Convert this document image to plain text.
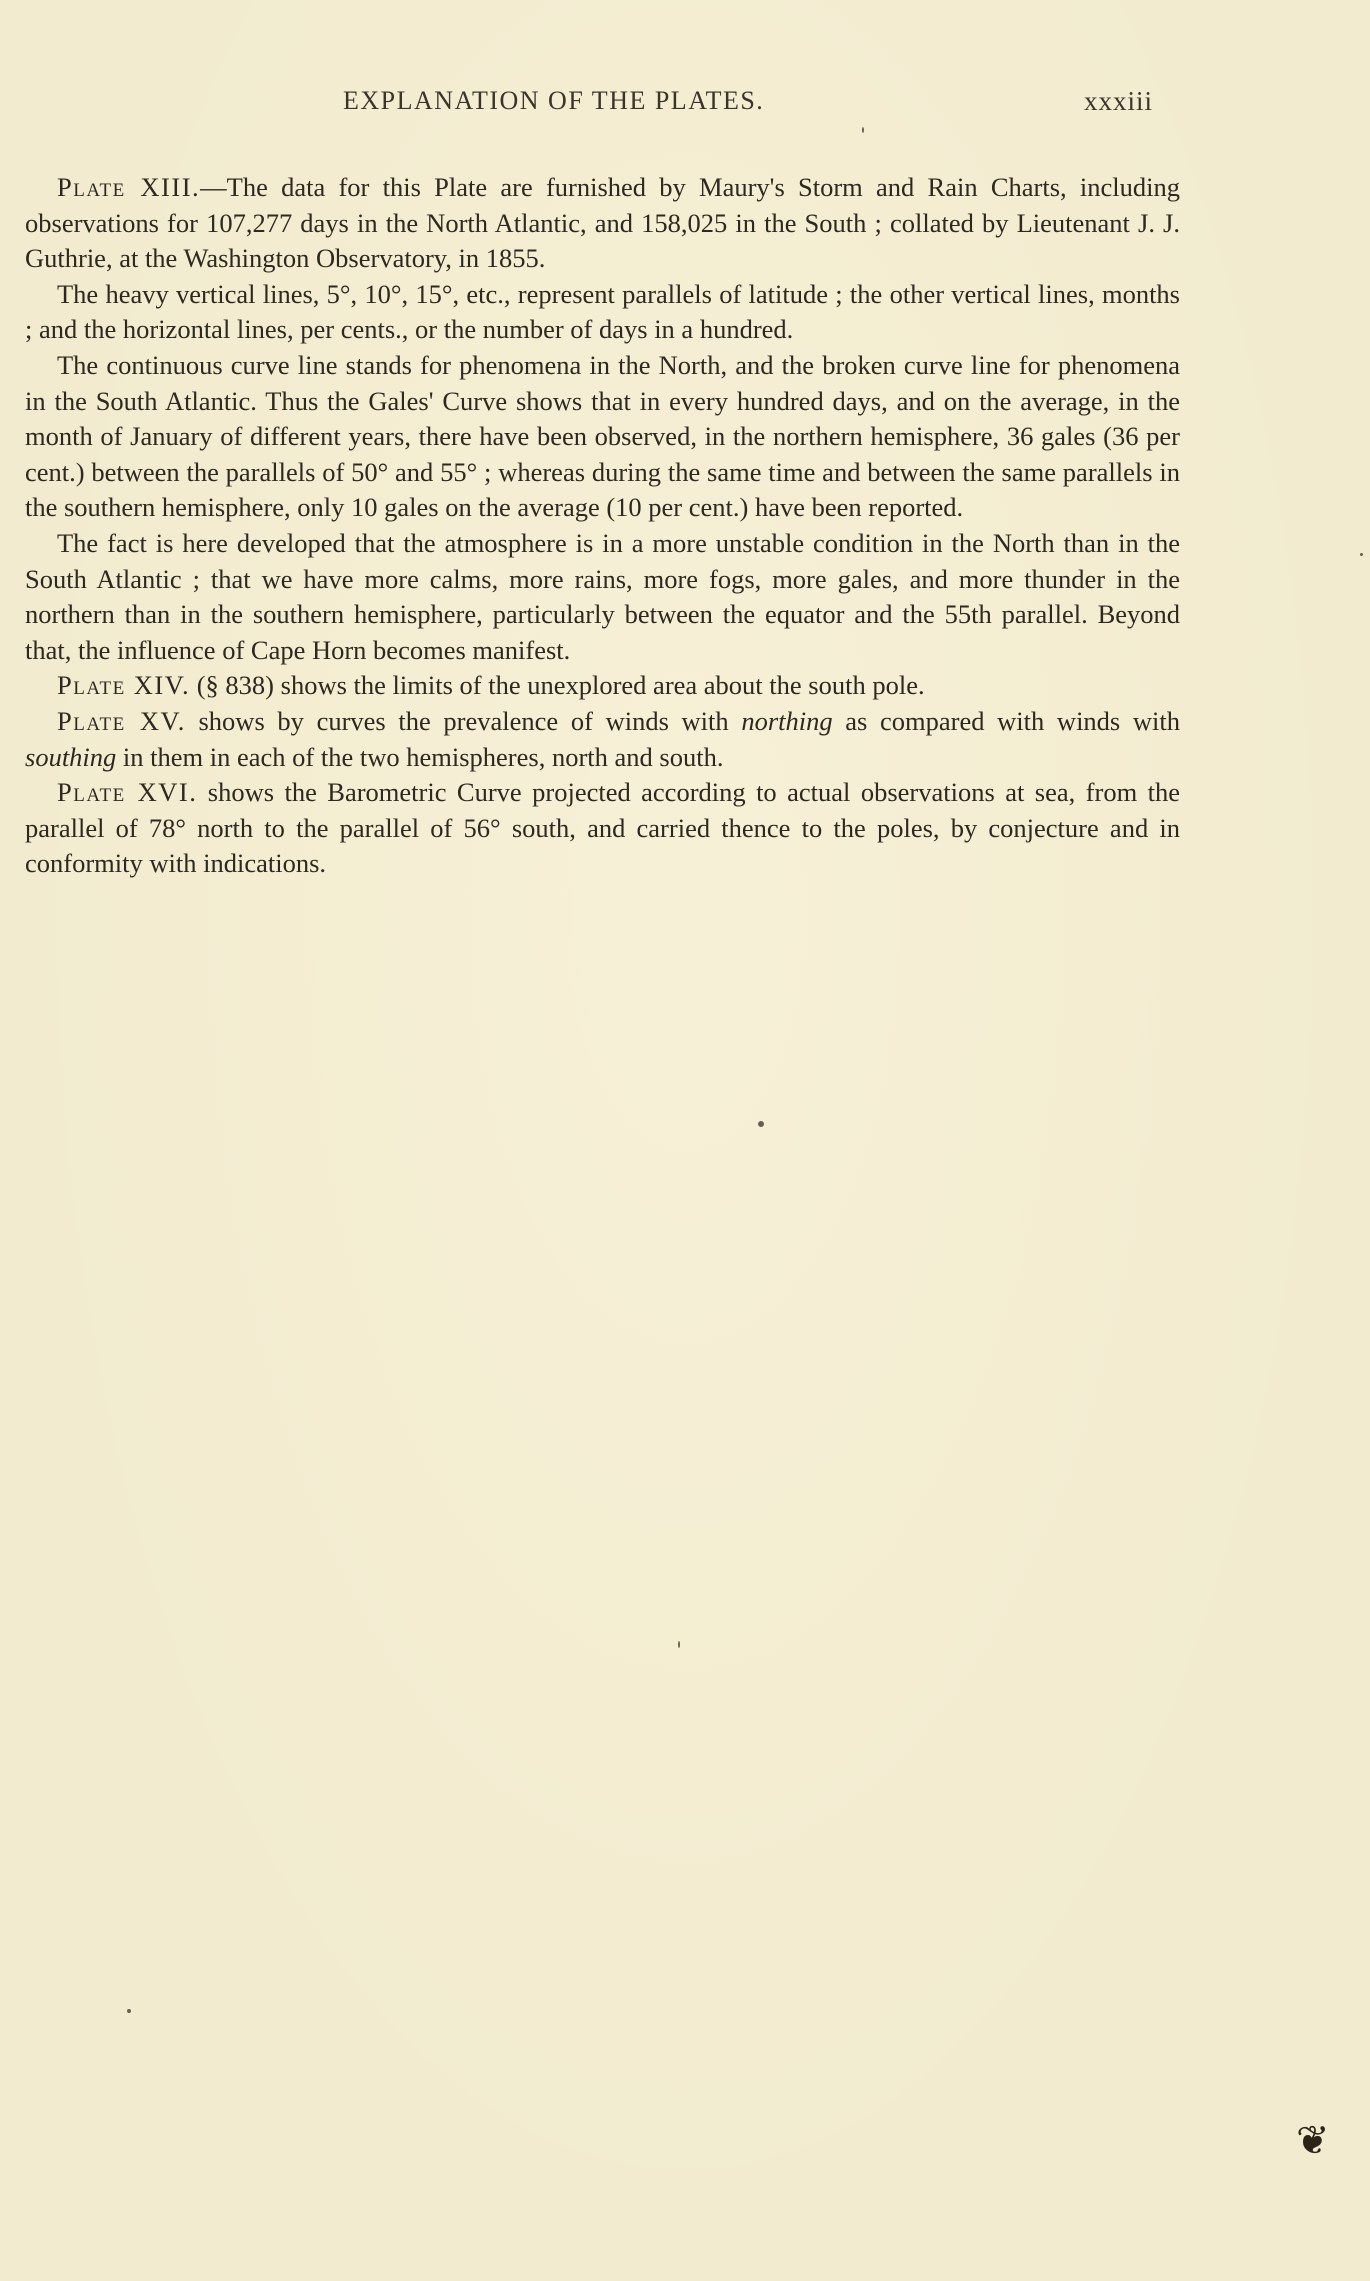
EXPLANATION OF THE PLATES.	xxxiii

Plate XIII.—The data for this Plate are furnished by Maury's Storm and Rain Charts, including observations for 107,277 days in the North Atlantic, and 158,025 in the South ; collated by Lieutenant J. J. Guthrie, at the Washington Observatory, in 1855.

The heavy vertical lines, 5°, 10°, 15°, etc., represent parallels of latitude ; the other vertical lines, months ; and the horizontal lines, per cents., or the number of days in a hundred.

The continuous curve line stands for phenomena in the North, and the broken curve line for phenomena in the South Atlantic. Thus the Gales' Curve shows that in every hundred days, and on the average, in the month of January of different years, there have been observed, in the northern hemisphere, 36 gales (36 per cent.) between the parallels of 50° and 55° ; whereas during the same time and between the same parallels in the southern hemisphere, only 10 gales on the average (10 per cent.) have been reported.

The fact is here developed that the atmosphere is in a more unstable condition in the North than in the South Atlantic ; that we have more calms, more rains, more fogs, more gales, and more thunder in the northern than in the southern hemisphere, particularly between the equator and the 55th parallel. Beyond that, the influence of Cape Horn becomes manifest.

Plate XIV. (§ 838) shows the limits of the unexplored area about the south pole.

Plate XV. shows by curves the prevalence of winds with northing as compared with winds with southing in them in each of the two hemispheres, north and south.

Plate XVI. shows the Barometric Curve projected according to actual observations at sea, from the parallel of 78° north to the parallel of 56° south, and carried thence to the poles, by conjecture and in conformity with indications.

❦
